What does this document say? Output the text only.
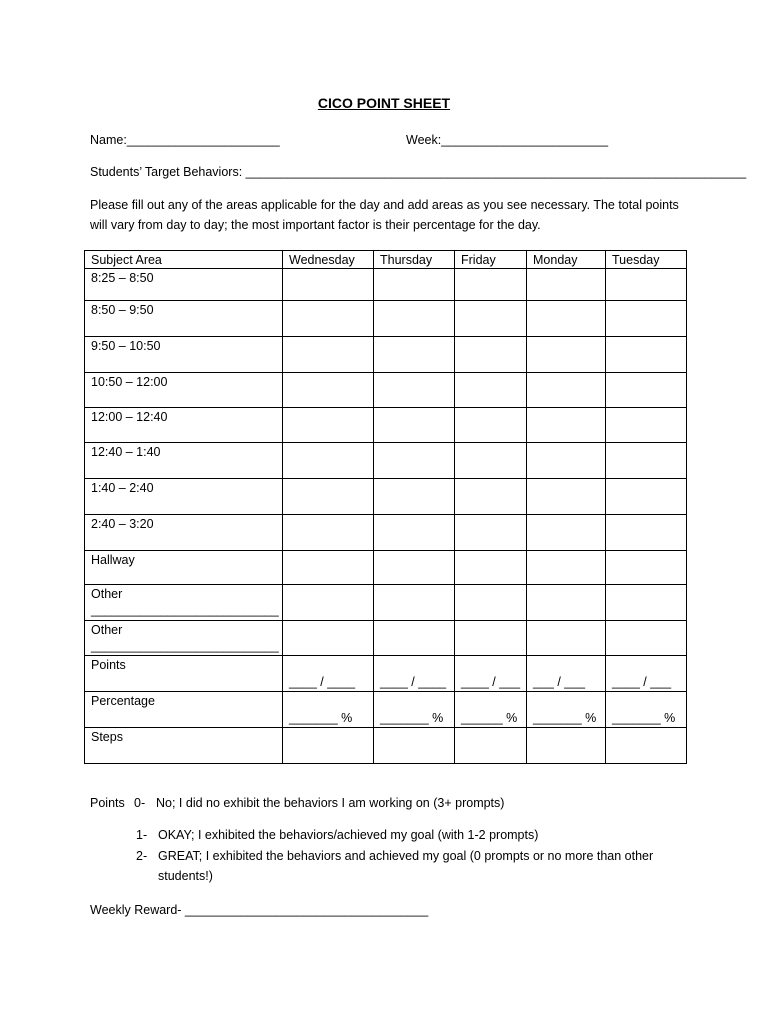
CICO POINT SHEET
Name:______________________	Week:________________________
Students’ Target Behaviors: ________________________________________________________________________
Please fill out any of the areas applicable for the day and add areas as you see necessary. The total points will vary from day to day; the most important factor is their percentage for the day.
Subject Area	Wednesday	Thursday	Friday	Monday	Tuesday

8:25 – 8:50					

8:50 – 9:50					

9:50 – 10:50					

10:50 – 12:00					

12:00 – 12:40					

12:40 – 1:40					

1:40 – 2:40					

2:40 – 3:20					

Hallway					

Other
___________________________					

Other
___________________________					

Points	____ / ____	____ / ____	____ / ___	___ / ___	____ / ___

Percentage	_______ %	_______ %	______ %	_______ %	_______ %

Steps					
Points 0- No; I did no exhibit the behaviors I am working on (3+ prompts)
1- OKAY; I exhibited the behaviors/achieved my goal (with 1-2 prompts)
2- GREAT; I exhibited the behaviors and achieved my goal (0 prompts or no more than other
students!)
Weekly Reward- ___________________________________
